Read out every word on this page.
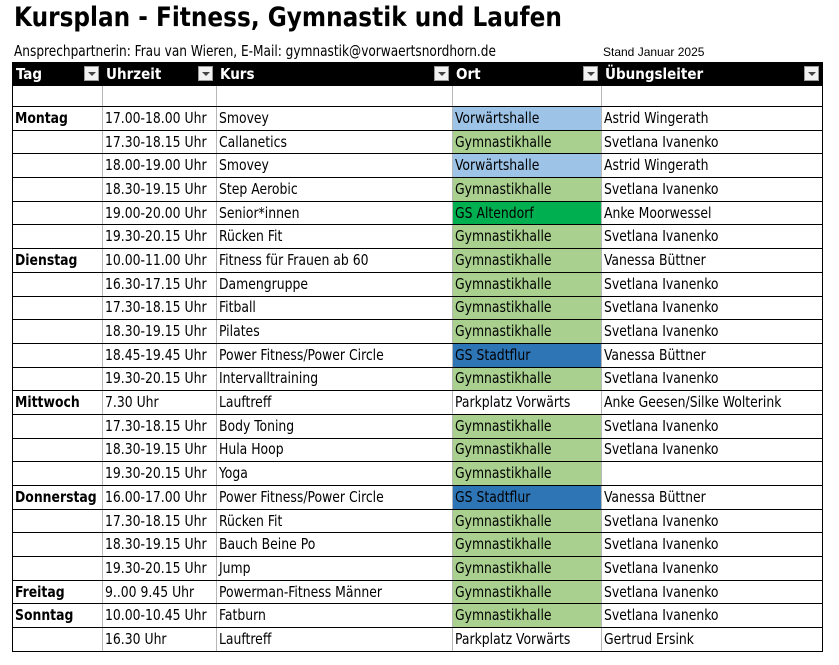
Kursplan - Fitness, Gymnastik und Laufen
Ansprechpartnerin: Frau van Wieren, E-Mail: gymnastik@vorwaertsnordhorn.de	Stand Januar 2025
Tag	Uhrzeit	Kurs	Ort	Übungsleiter

Montag	17.00-18.00 Uhr	Smovey	Vorwärtshalle	Astrid Wingerath
	17.30-18.15 Uhr	Callanetics	Gymnastikhalle	Svetlana Ivanenko
	18.00-19.00 Uhr	Smovey	Vorwärtshalle	Astrid Wingerath
	18.30-19.15 Uhr	Step Aerobic	Gymnastikhalle	Svetlana Ivanenko
	19.00-20.00 Uhr	Senior*innen	GS Altendorf	Anke Moorwessel
	19.30-20.15 Uhr	Rücken Fit	Gymnastikhalle	Svetlana Ivanenko
Dienstag	10.00-11.00 Uhr	Fitness für Frauen ab 60	Gymnastikhalle	Vanessa Büttner
	16.30-17.15 Uhr	Damengruppe	Gymnastikhalle	Svetlana Ivanenko
	17.30-18.15 Uhr	Fitball	Gymnastikhalle	Svetlana Ivanenko
	18.30-19.15 Uhr	Pilates	Gymnastikhalle	Svetlana Ivanenko
	18.45-19.45 Uhr	Power Fitness/Power Circle	GS Stadtflur	Vanessa Büttner
	19.30-20.15 Uhr	Intervalltraining	Gymnastikhalle	Svetlana Ivanenko
Mittwoch	7.30 Uhr	Lauftreff	Parkplatz Vorwärts	Anke Geesen/Silke Wolterink
	17.30-18.15 Uhr	Body Toning	Gymnastikhalle	Svetlana Ivanenko
	18.30-19.15 Uhr	Hula Hoop	Gymnastikhalle	Svetlana Ivanenko
	19.30-20.15 Uhr	Yoga	Gymnastikhalle	
Donnerstag	16.00-17.00 Uhr	Power Fitness/Power Circle	GS Stadtflur	Vanessa Büttner
	17.30-18.15 Uhr	Rücken Fit	Gymnastikhalle	Svetlana Ivanenko
	18.30-19.15 Uhr	Bauch Beine Po	Gymnastikhalle	Svetlana Ivanenko
	19.30-20.15 Uhr	Jump	Gymnastikhalle	Svetlana Ivanenko
Freitag	9..00 9.45 Uhr	Powerman-Fitness Männer	Gymnastikhalle	Svetlana Ivanenko
Sonntag	10.00-10.45 Uhr	Fatburn	Gymnastikhalle	Svetlana Ivanenko
	16.30 Uhr	Lauftreff	Parkplatz Vorwärts	Gertrud Ersink
